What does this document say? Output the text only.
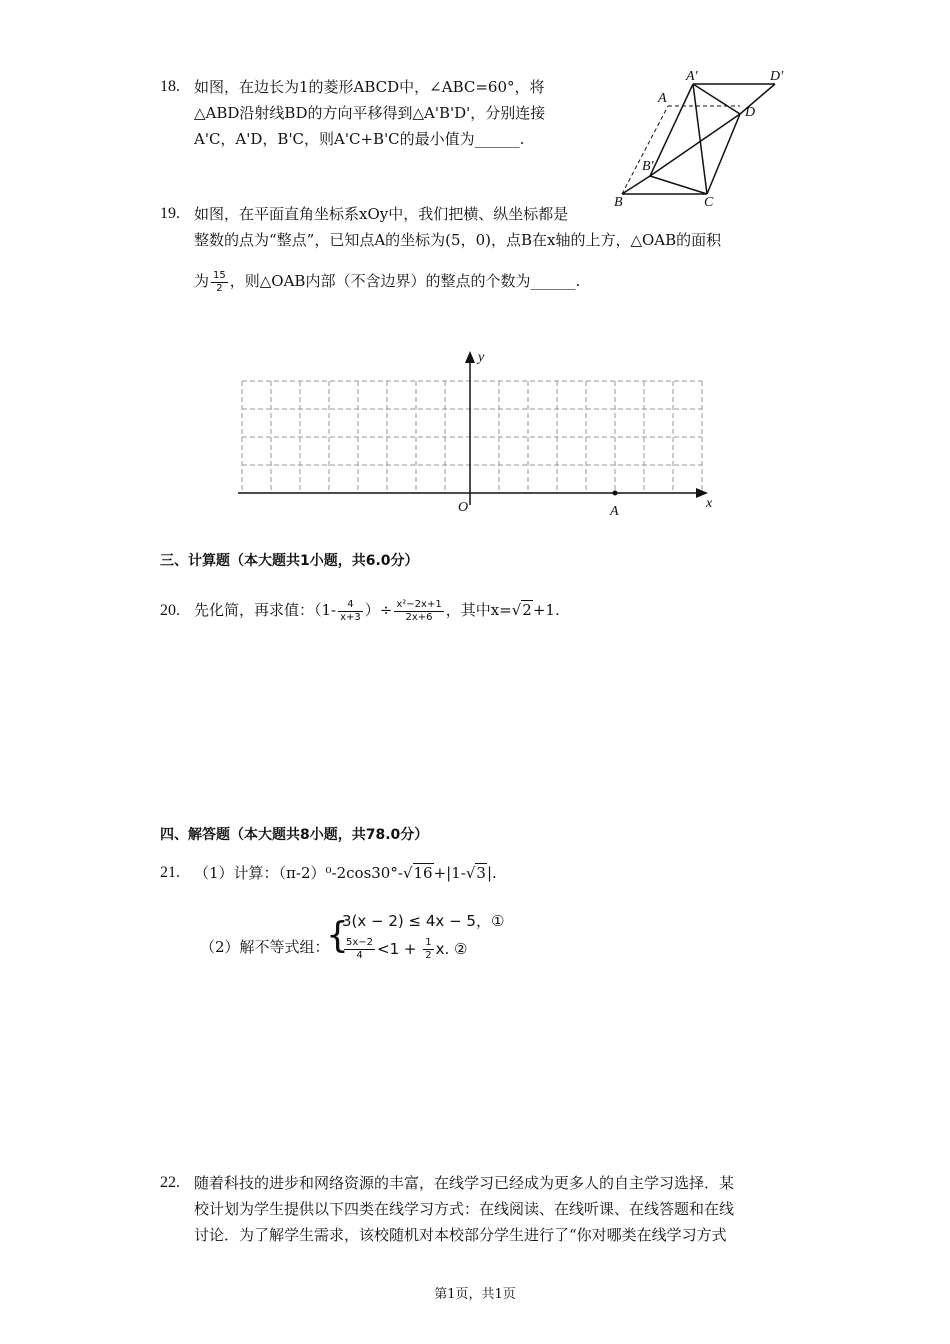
18. 如图，在边长为1的菱形ABCD中，∠ABC=60°，将
△ABD沿射线BD的方向平移得到△A'B'D'，分别连接
A'C，A'D，B'C，则A'C+B'C的最小值为______.
A'	D'
A
D
B'
B	C
19. 如图，在平面直角坐标系xOy中，我们把横、纵坐标都是
整数的点为“整点”，已知点A的坐标为(5，0)，点B在x轴的上方，△OAB的面积
为 $\frac{15}{2}$ ，则△OAB内部（不含边界）的整点的个数为______.
y
x
O	A
三、计算题（本大题共1小题，共6.0分）
20. 先化简，再求值：（$1- \frac{4}{x+3}$ ）÷ $\frac{\text{x²−2x+1}}{2x+6}$ ，其中x=√2+1.
四、解答题（本大题共8小题，共78.0分）
21. （1）计算：（π-2）⁰-2cos30°-√16+|1-√3|.
（2）解不等式组：
{
3(x − 2) ≤ 4x − 5，①
$\frac{5x-2}{4} <1 + \frac{1}{2} x$. ②
22. 随着科技的进步和网络资源的丰富，在线学习已经成为更多人的自主学习选择．某
校计划为学生提供以下四类在线学习方式：在线阅读、在线听课、在线答题和在线
讨论．为了解学生需求，该校随机对本校部分学生进行了“你对哪类在线学习方式
第1页，共1页
